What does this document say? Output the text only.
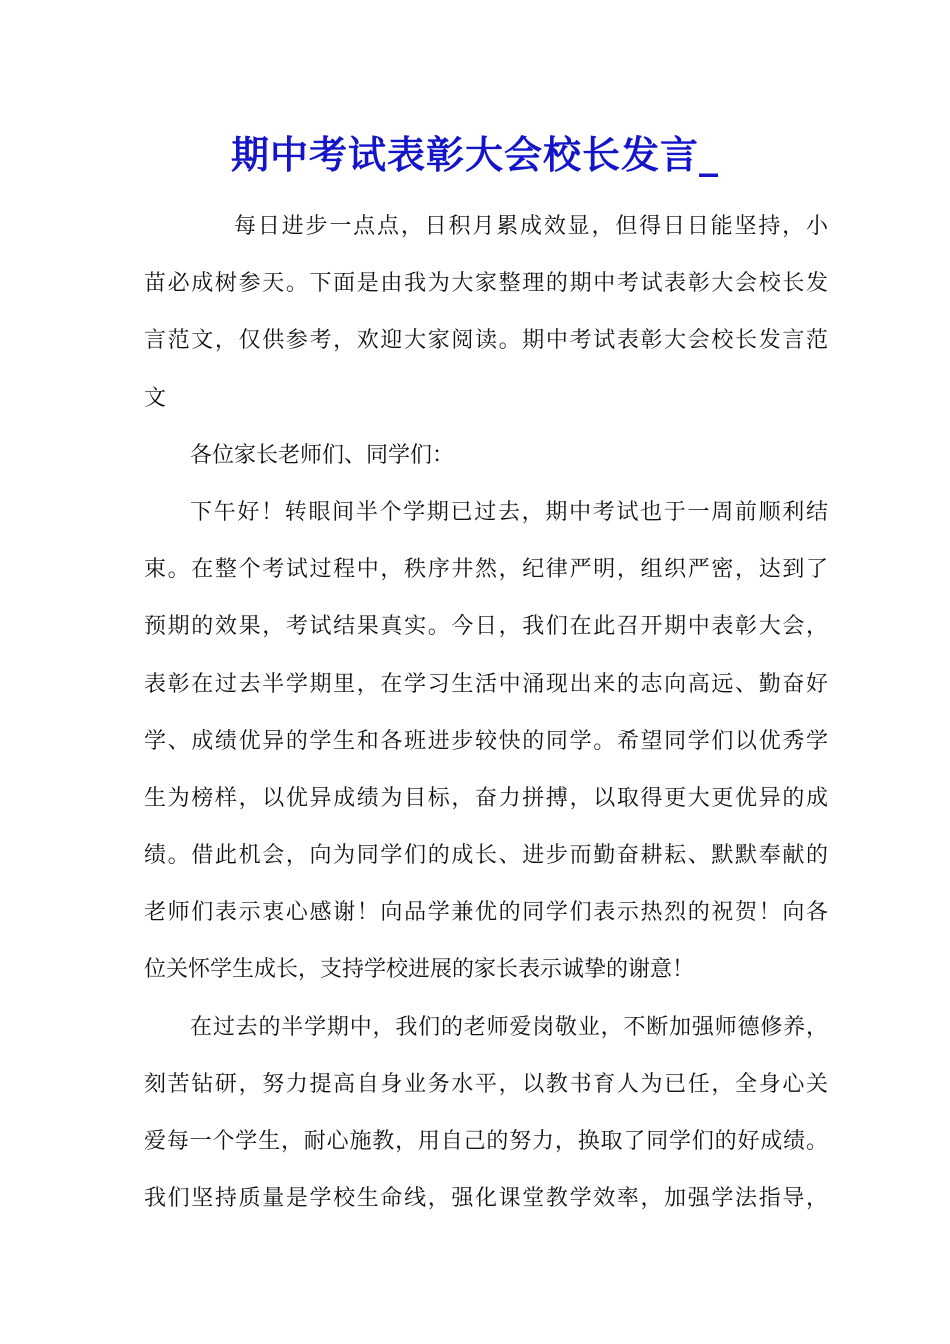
期中考试表彰大会校长发言_
每日进步一点点，日积月累成效显，但得日日能坚持，小
苗必成树参天。下面是由我为大家整理的期中考试表彰大会校长发
言范文，仅供参考，欢迎大家阅读。期中考试表彰大会校长发言范
文
各位家长老师们、同学们：
下午好！转眼间半个学期已过去，期中考试也于一周前顺利结
束。在整个考试过程中，秩序井然，纪律严明，组织严密，达到了
预期的效果，考试结果真实。今日，我们在此召开期中表彰大会，
表彰在过去半学期里，在学习生活中涌现出来的志向高远、勤奋好
学、成绩优异的学生和各班进步较快的同学。希望同学们以优秀学
生为榜样，以优异成绩为目标，奋力拼搏，以取得更大更优异的成
绩。借此机会，向为同学们的成长、进步而勤奋耕耘、默默奉献的
老师们表示衷心感谢！向品学兼优的同学们表示热烈的祝贺！向各
位关怀学生成长，支持学校进展的家长表示诚挚的谢意！
在过去的半学期中，我们的老师爱岗敬业，不断加强师德修养，
刻苦钻研，努力提高自身业务水平，以教书育人为已任，全身心关
爱每一个学生，耐心施教，用自己的努力，换取了同学们的好成绩。
我们坚持质量是学校生命线，强化课堂教学效率，加强学法指导，
